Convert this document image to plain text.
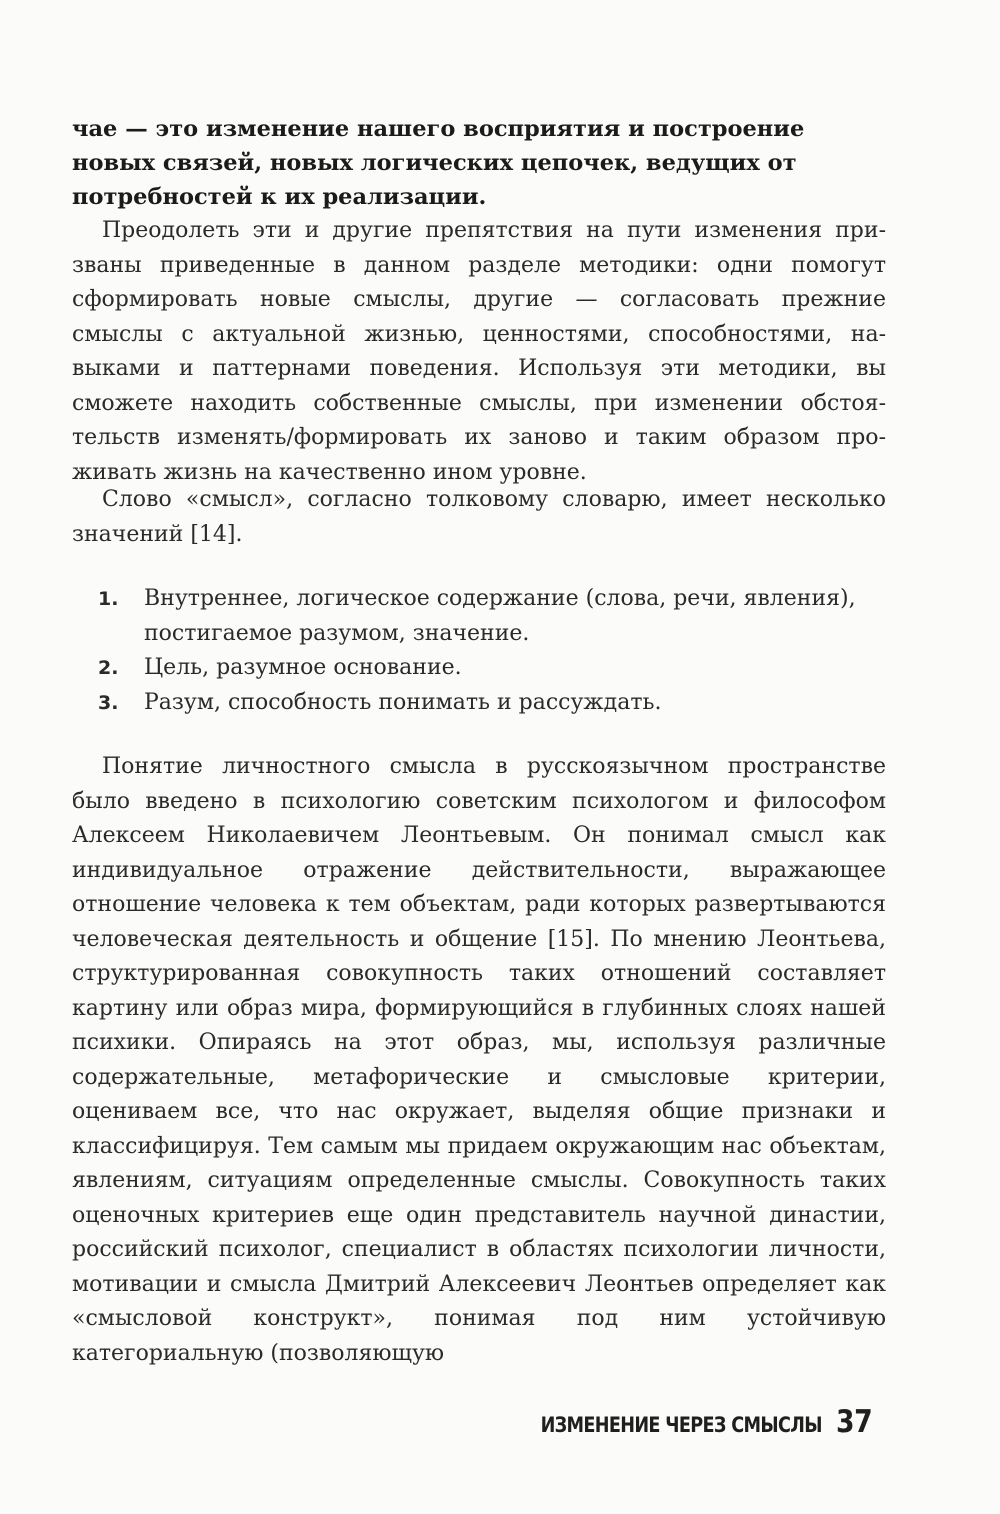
чае — это изменение нашего восприятия и построение новых связей, новых логических цепочек, ведущих от потребностей к их реализации.

Преодолеть эти и другие препятствия на пути изменения призваны приведенные в данном разделе методики: одни помогут сформировать новые смыслы, другие — согласовать прежние смыслы с актуальной жизнью, ценностями, способностями, навыками и паттернами поведения. Используя эти методики, вы сможете находить собственные смыслы, при изменении обстоятельств изменять/формировать их заново и таким образом проживать жизнь на качественно ином уровне.

Слово «смысл», согласно толковому словарю, имеет несколько значений [14].

1.	Внутреннее, логическое содержание (слова, речи, явления), постигаемое разумом, значение.
2.	Цель, разумное основание.
3.	Разум, способность понимать и рассуждать.

Понятие личностного смысла в русскоязычном пространстве было введено в психологию советским психологом и философом Алексеем Николаевичем Леонтьевым. Он понимал смысл как индивидуальное отражение действительности, выражающее отношение человека к тем объектам, ради которых развертываются человеческая деятельность и общение [15]. По мнению Леонтьева, структурированная совокупность таких отношений составляет картину или образ мира, формирующийся в глубинных слоях нашей психики. Опираясь на этот образ, мы, используя различные содержательные, метафорические и смысловые критерии, оцениваем все, что нас окружает, выделяя общие признаки и классифицируя. Тем самым мы придаем окружающим нас объектам, явлениям, ситуациям определенные смыслы. Совокупность таких оценочных критериев еще один представитель научной династии, российский психолог, специалист в областях психологии личности, мотивации и смысла Дмитрий Алексеевич Леонтьев определяет как «смысловой конструкт», понимая под ним устойчивую категориальную (позволяющую

ИЗМЕНЕНИЕ ЧЕРЕЗ СМЫСЛЫ 37
